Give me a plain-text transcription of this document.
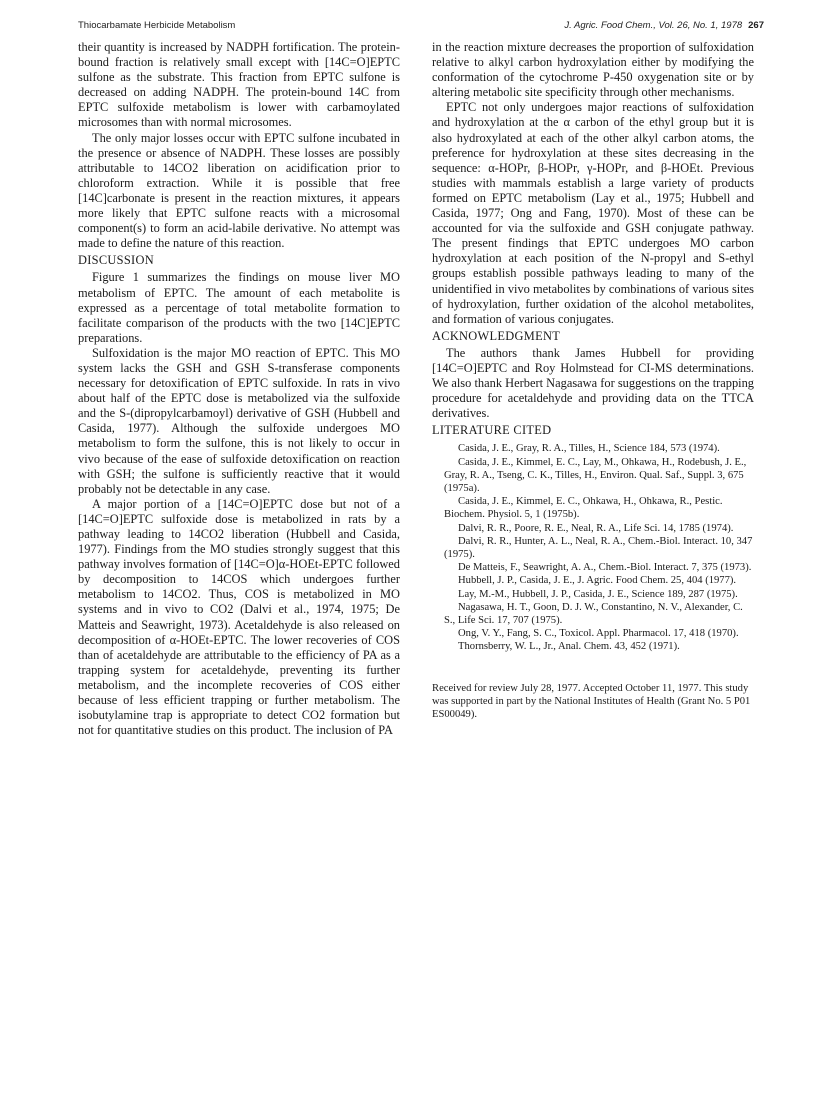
Thiocarbamate Herbicide Metabolism	J. Agric. Food Chem., Vol. 26, No. 1, 1978 267

their quantity is increased by NADPH fortification. The protein-bound fraction is relatively small except with [14C=O]EPTC sulfone as the substrate. This fraction from EPTC sulfone is decreased on adding NADPH. The protein-bound 14C from EPTC sulfoxide metabolism is lower with carbamoylated microsomes than with normal microsomes.

The only major losses occur with EPTC sulfone incubated in the presence or absence of NADPH. These losses are possibly attributable to 14CO2 liberation on acidification prior to chloroform extraction. While it is possible that free [14C]carbonate is present in the reaction mixtures, it appears more likely that EPTC sulfone reacts with a microsomal component(s) to form an acid-labile derivative. No attempt was made to define the nature of this reaction.

DISCUSSION

Figure 1 summarizes the findings on mouse liver MO metabolism of EPTC. The amount of each metabolite is expressed as a percentage of total metabolite formation to facilitate comparison of the products with the two [14C]EPTC preparations.

Sulfoxidation is the major MO reaction of EPTC. This MO system lacks the GSH and GSH S-transferase components necessary for detoxification of EPTC sulfoxide. In rats in vivo about half of the EPTC dose is metabolized via the sulfoxide and the S-(dipropylcarbamoyl) derivative of GSH (Hubbell and Casida, 1977). Although the sulfoxide undergoes MO metabolism to form the sulfone, this is not likely to occur in vivo because of the ease of sulfoxide detoxification on reaction with GSH; the sulfone is sufficiently reactive that it would probably not be detectable in any case.

A major portion of a [14C=O]EPTC dose but not of a [14C=O]EPTC sulfoxide dose is metabolized in rats by a pathway leading to 14CO2 liberation (Hubbell and Casida, 1977). Findings from the MO studies strongly suggest that this pathway involves formation of [14C=O]α-HOEt-EPTC followed by decomposition to 14COS which undergoes further metabolism to 14CO2. Thus, COS is metabolized in MO systems and in vivo to CO2 (Dalvi et al., 1974, 1975; De Matteis and Seawright, 1973). Acetaldehyde is also released on decomposition of α-HOEt-EPTC. The lower recoveries of COS than of acetaldehyde are attributable to the efficiency of PA as a trapping system for acetaldehyde, preventing its further metabolism, and the incomplete recoveries of COS either because of less efficient trapping or further metabolism. The isobutylamine trap is appropriate to detect CO2 formation but not for quantitative studies on this product. The inclusion of PA

in the reaction mixture decreases the proportion of sulfoxidation relative to alkyl carbon hydroxylation either by modifying the conformation of the cytochrome P-450 oxygenation site or by altering metabolic site specificity through other mechanisms.

EPTC not only undergoes major reactions of sulfoxidation and hydroxylation at the α carbon of the ethyl group but it is also hydroxylated at each of the other alkyl carbon atoms, the preference for hydroxylation at these sites decreasing in the sequence: α-HOPr, β-HOPr, γ-HOPr, and β-HOEt. Previous studies with mammals establish a large variety of products formed on EPTC metabolism (Lay et al., 1975; Hubbell and Casida, 1977; Ong and Fang, 1970). Most of these can be accounted for via the sulfoxide and GSH conjugate pathway. The present findings that EPTC undergoes MO carbon hydroxylation at each position of the N-propyl and S-ethyl groups establish possible pathways leading to many of the unidentified in vivo metabolites by combinations of various sites of hydroxylation, further oxidation of the alcohol metabolites, and formation of various conjugates.

ACKNOWLEDGMENT

The authors thank James Hubbell for providing [14C=O]EPTC and Roy Holmstead for CI-MS determinations. We also thank Herbert Nagasawa for suggestions on the trapping procedure for acetaldehyde and providing data on the TTCA derivatives.

LITERATURE CITED

Casida, J. E., Gray, R. A., Tilles, H., Science 184, 573 (1974).

Casida, J. E., Kimmel, E. C., Lay, M., Ohkawa, H., Rodebush, J. E., Gray, R. A., Tseng, C. K., Tilles, H., Environ. Qual. Saf., Suppl. 3, 675 (1975a).

Casida, J. E., Kimmel, E. C., Ohkawa, H., Ohkawa, R., Pestic. Biochem. Physiol. 5, 1 (1975b).

Dalvi, R. R., Poore, R. E., Neal, R. A., Life Sci. 14, 1785 (1974).

Dalvi, R. R., Hunter, A. L., Neal, R. A., Chem.-Biol. Interact. 10, 347 (1975).

De Matteis, F., Seawright, A. A., Chem.-Biol. Interact. 7, 375 (1973).

Hubbell, J. P., Casida, J. E., J. Agric. Food Chem. 25, 404 (1977).

Lay, M.-M., Hubbell, J. P., Casida, J. E., Science 189, 287 (1975).

Nagasawa, H. T., Goon, D. J. W., Constantino, N. V., Alexander, C. S., Life Sci. 17, 707 (1975).

Ong, V. Y., Fang, S. C., Toxicol. Appl. Pharmacol. 17, 418 (1970).

Thornsberry, W. L., Jr., Anal. Chem. 43, 452 (1971).

Received for review July 28, 1977. Accepted October 11, 1977. This study was supported in part by the National Institutes of Health (Grant No. 5 P01 ES00049).
